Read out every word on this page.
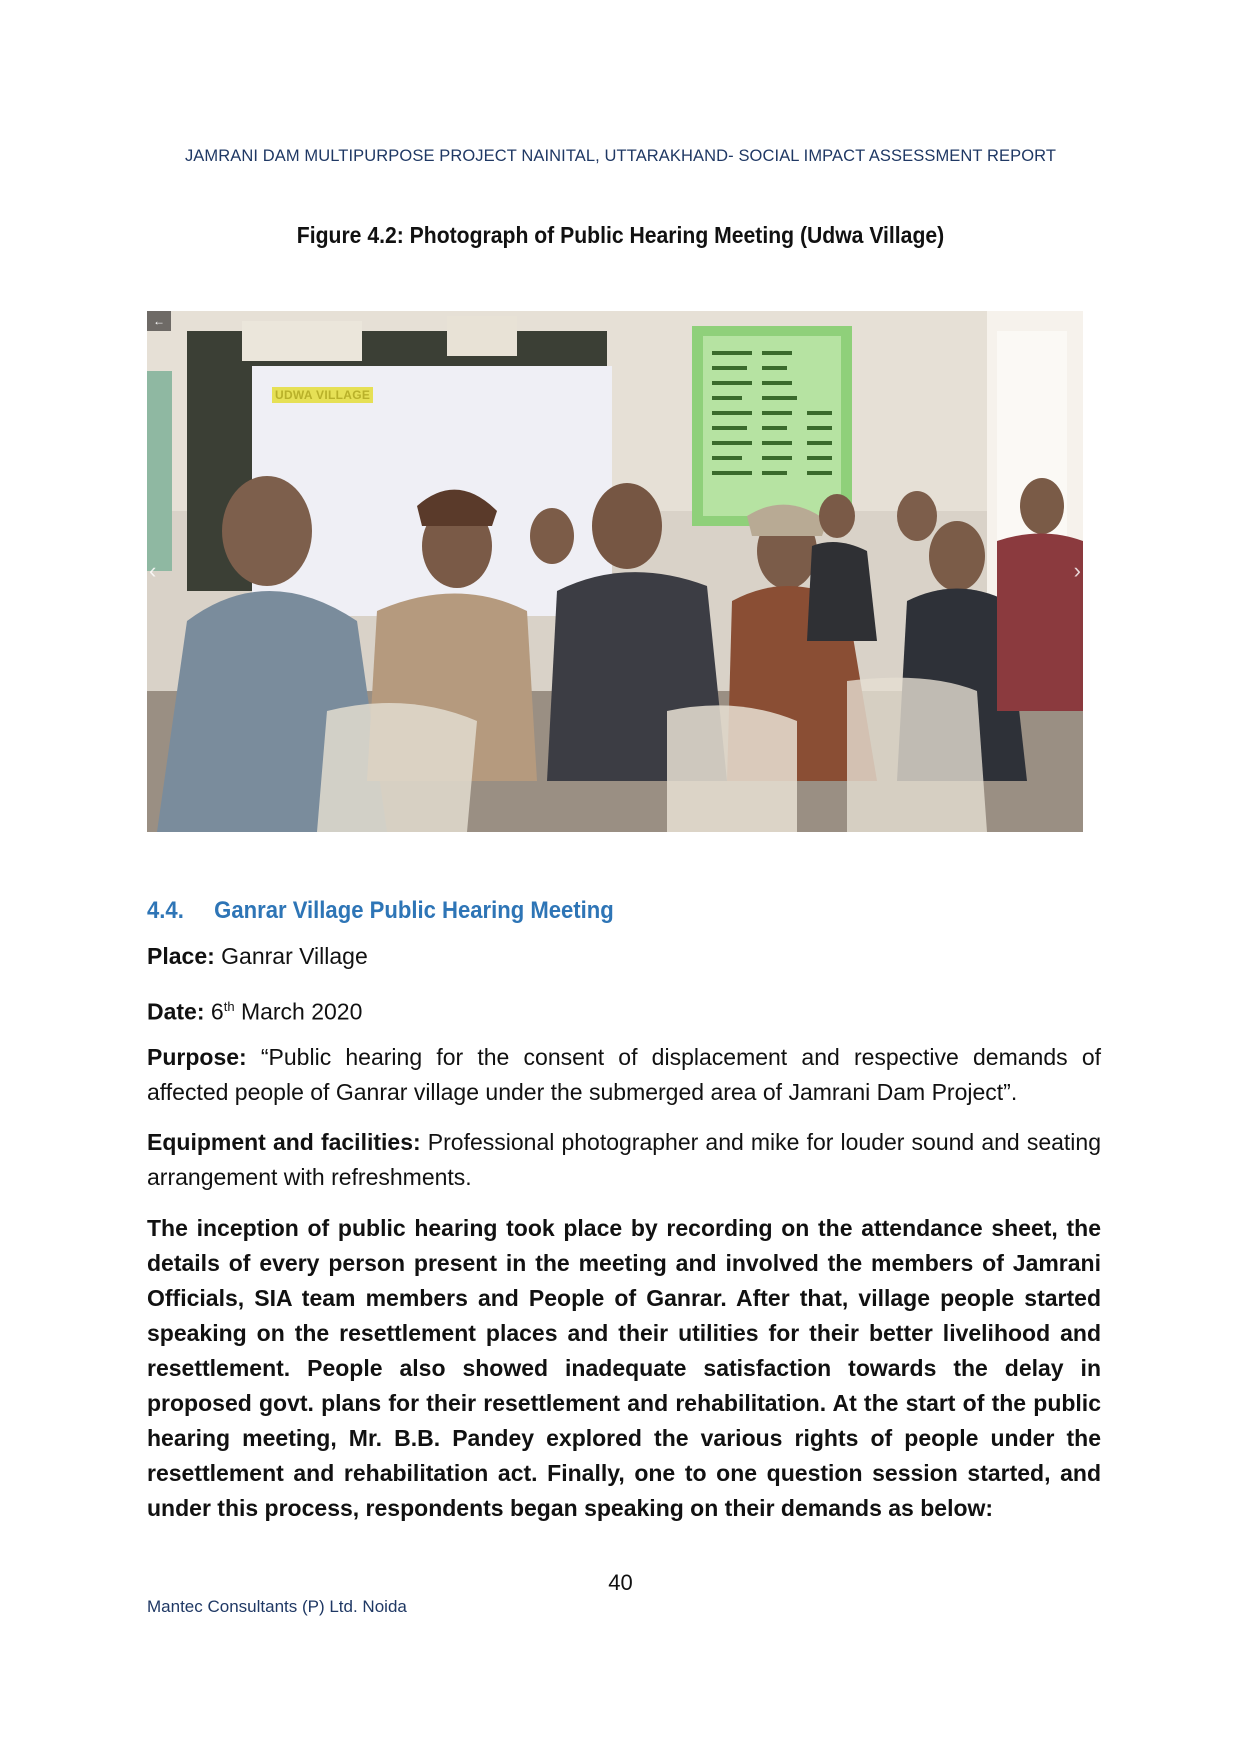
JAMRANI DAM MULTIPURPOSE PROJECT NAINITAL, UTTARAKHAND- SOCIAL IMPACT ASSESSMENT REPORT
Figure 4.2: Photograph of Public Hearing Meeting (Udwa Village)
←
UDWA VILLAGE
‹	›
4.4. Ganrar Village Public Hearing Meeting
Place: Ganrar Village
Date: 6th March 2020
Purpose: “Public hearing for the consent of displacement and respective demands of affected people of Ganrar village under the submerged area of Jamrani Dam Project”.
Equipment and facilities: Professional photographer and mike for louder sound and seating arrangement with refreshments.
The inception of public hearing took place by recording on the attendance sheet, the details of every person present in the meeting and involved the members of Jamrani Officials, SIA team members and People of Ganrar. After that, village people started speaking on the resettlement places and their utilities for their better livelihood and resettlement. People also showed inadequate satisfaction towards the delay in proposed govt. plans for their resettlement and rehabilitation. At the start of the public hearing meeting, Mr. B.B. Pandey explored the various rights of people under the resettlement and rehabilitation act. Finally, one to one question session started, and under this process, respondents began speaking on their demands as below:
40
Mantec Consultants (P) Ltd. Noida
